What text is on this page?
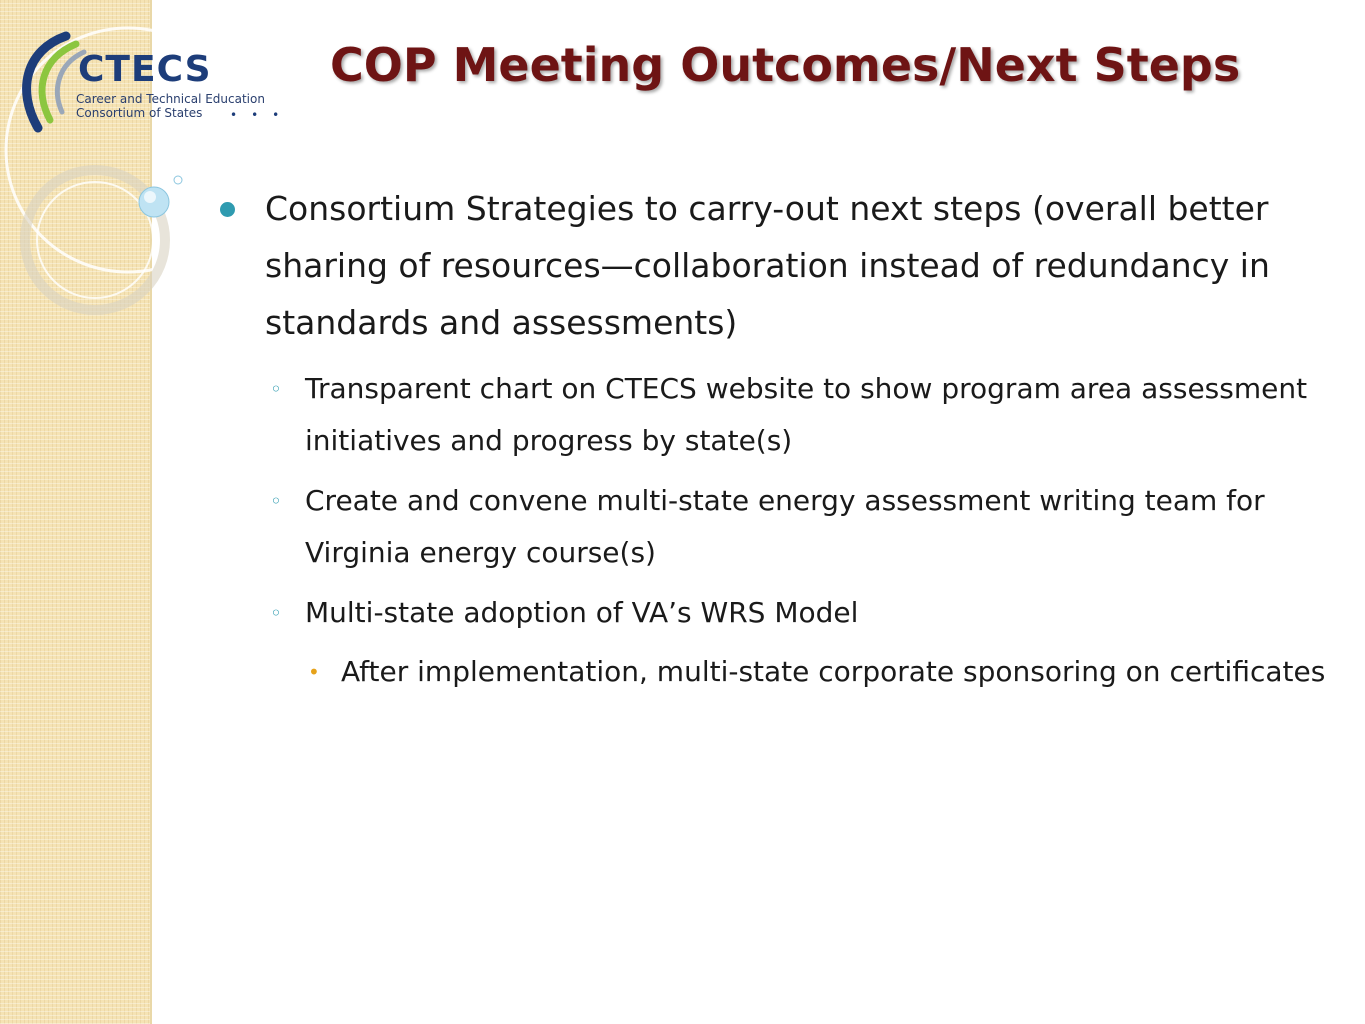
CTECS
Career and Technical Education
Consortium of States •••
COP Meeting Outcomes/Next Steps
Consortium Strategies to carry-out next steps (overall better sharing of resources—collaboration instead of redundancy in standards and assessments)
◦ Transparent chart on CTECS website to show program area assessment initiatives and progress by state(s)
◦ Create and convene multi-state energy assessment writing team for Virginia energy course(s)
◦ Multi-state adoption of VA’s WRS Model
• After implementation, multi-state corporate sponsoring on certificates
